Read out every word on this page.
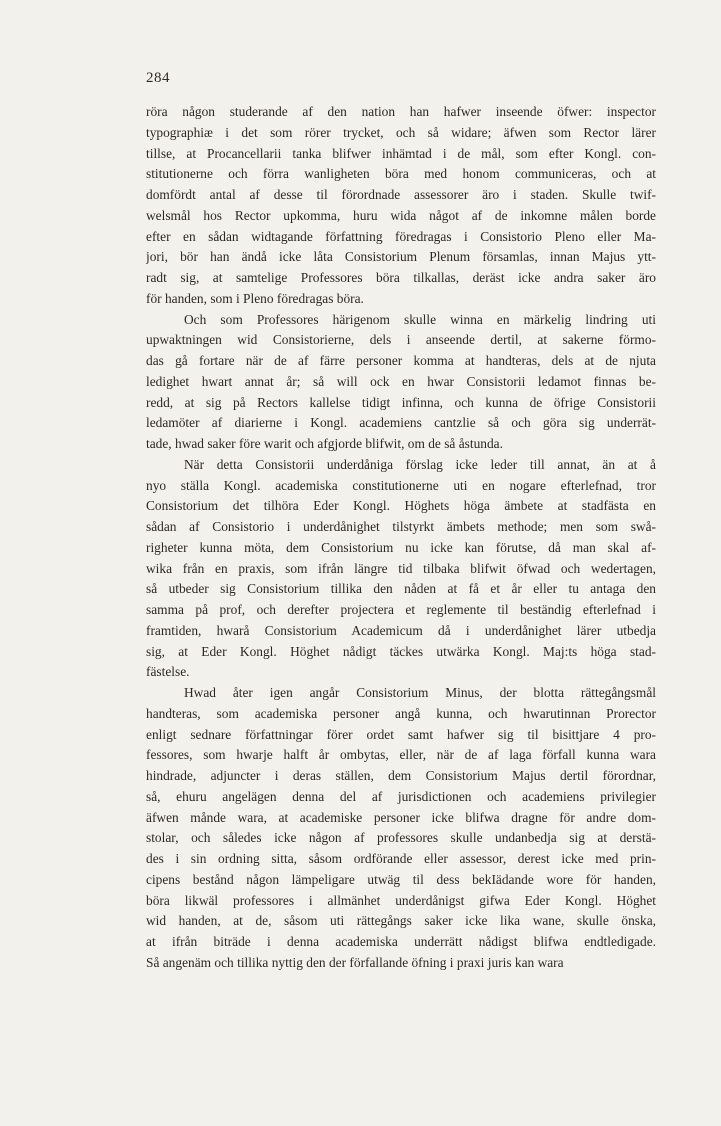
284
röra någon studerande af den nation han hafwer inseende öfwer: inspector
typographiæ i det som rörer trycket, och så widare; äfwen som Rector lärer
tillse, at Procancellarii tanka blifwer inhämtad i de mål, som efter Kongl. con-
stitutionerne och förra wanligheten böra med honom communiceras, och at
domfördt antal af desse til förordnade assessorer äro i staden. Skulle twif-
welsmål hos Rector upkomma, huru wida något af de inkomne målen borde
efter en sådan widtagande författning föredragas i Consistorio Pleno eller Ma-
jori, bör han ändå icke låta Consistorium Plenum församlas, innan Majus ytt-
radt sig, at samtelige Professores böra tilkallas, deräst icke andra saker äro
för handen, som i Pleno föredragas böra.
Och som Professores härigenom skulle winna en märkelig lindring uti
upwaktningen wid Consistorierne, dels i anseende dertil, at sakerne förmo-
das gå fortare när de af färre personer komma at handteras, dels at de njuta
ledighet hwart annat år; så will ock en hwar Consistorii ledamot finnas be-
redd, at sig på Rectors kallelse tidigt infinna, och kunna de öfrige Consistorii
ledamöter af diarierne i Kongl. academiens cantzlie så och göra sig underrät-
tade, hwad saker före warit och afgjorde blifwit, om de så åstunda.
När detta Consistorii underdåniga förslag icke leder till annat, än at å
nyo ställa Kongl. academiska constitutionerne uti en nogare efterlefnad, tror
Consistorium det tilhöra Eder Kongl. Höghets höga ämbete at stadfästa en
sådan af Consistorio i underdånighet tilstyrkt ämbets methode; men som swå-
righeter kunna möta, dem Consistorium nu icke kan förutse, då man skal af-
wika från en praxis, som ifrån längre tid tilbaka blifwit öfwad och wedertagen,
så utbeder sig Consistorium tillika den nåden at få et år eller tu antaga den
samma på prof, och derefter projectera et reglemente til beständig efterlefnad i
framtiden, hwarå Consistorium Academicum då i underdånighet lärer utbedja
sig, at Eder Kongl. Höghet nådigt täckes utwärka Kongl. Maj:ts höga stad-
fästelse.
Hwad åter igen angår Consistorium Minus, der blotta rättegångsmål
handteras, som academiska personer angå kunna, och hwarutinnan Prorector
enligt sednare författningar förer ordet samt hafwer sig til bisittjare 4 pro-
fessores, som hwarje halft år ombytas, eller, när de af laga förfall kunna wara
hindrade, adjuncter i deras ställen, dem Consistorium Majus dertil förordnar,
så, ehuru angelägen denna del af jurisdictionen och academiens privilegier
äfwen månde wara, at academiske personer icke blifwa dragne för andre dom-
stolar, och således icke någon af professores skulle undanbedja sig at derstä-
des i sin ordning sitta, såsom ordförande eller assessor, derest icke med prin-
cipens bestånd någon lämpeligare utwäg til dess bekIädande wore för handen,
böra likwäl professores i allmänhet underdånigst gifwa Eder Kongl. Höghet
wid handen, at de, såsom uti rättegångs saker icke lika wane, skulle önska,
at ifrån biträde i denna academiska underrätt nådigst blifwa endtledigade.
Så angenäm och tillika nyttig den der förfallande öfning i praxi juris kan wara
